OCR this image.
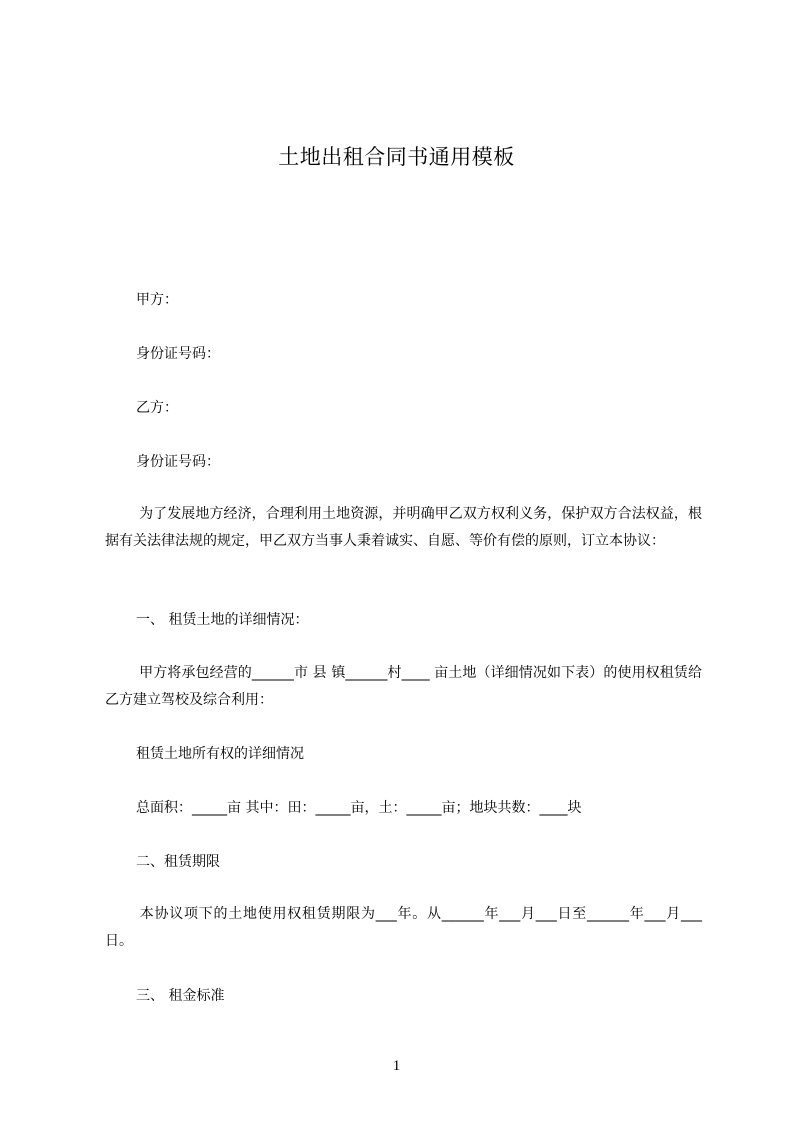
土地出租合同书通用模板
甲方：
身份证号码：
乙方：
身份证号码：
为了发展地方经济，合理利用土地资源，并明确甲乙双方权利义务，保护双方合法权益，根据有关法律法规的规定，甲乙双方当事人秉着诚实、自愿、等价有偿的原则，订立本协议：
一、 租赁土地的详细情况：
甲方将承包经营的______市 县 镇______村____ 亩土地（详细情况如下表）的使用权租赁给乙方建立驾校及综合利用：
租赁土地所有权的详细情况
总面积：_____亩 其中：田：_____亩，土：_____亩；地块共数：____块
二、租赁期限
本协议项下的土地使用权租赁期限为___年。从______年___月___日至______年___月___ 日。
三、 租金标准
1
